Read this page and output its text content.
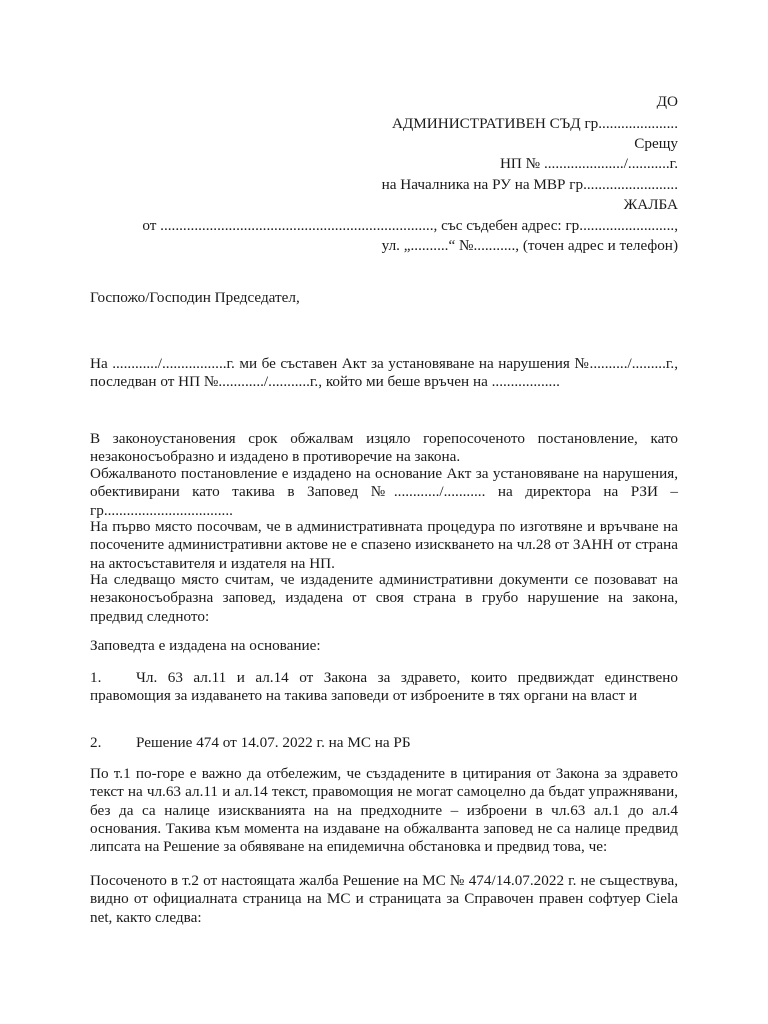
ДО
АДМИНИСТРАТИВЕН СЪД гр.....................
Срещу
НП № ...................../...........г.
на Началника на РУ на МВР гр.........................
ЖАЛБА
от ........................................................................, със съдебен адрес: гр.........................,
ул. „..........“ №..........., (точен адрес и телефон)
Госпожо/Господин Председател,
На ............/.................г. ми бе съставен Акт за установяване на нарушения №........../.........г., последван от НП №............/...........г., който ми беше връчен на ..................
В законоустановения срок обжалвам изцяло горепосоченото постановление, като незаконосъобразно и издадено в противоречие на закона.
Обжалваното постановление е издадено на основание Акт за установяване на нарушения, обективирани като такива в Заповед №............/........... на директора на РЗИ – гр..................................
На първо място посочвам, че в административната процедура по изготвяне и връчване на посочените административни актове не е спазено изискването на чл.28 от ЗАНН от страна на актосъставителя и издателя на НП.
На следващо място считам, че издадените административни документи се позовават на незаконосъобразна заповед, издадена от своя страна в грубо нарушение на закона, предвид следното:
Заповедта е издадена на основание:
1. Чл. 63 ал.11 и ал.14 от Закона за здравето, които предвиждат единствено правомощия за издаването на такива заповеди от изброените в тях органи на власт и
2. Решение 474 от 14.07. 2022 г. на МС на РБ
По т.1 по-горе е важно да отбележим, че създадените в цитирания от Закона за здравето текст на чл.63 ал.11 и ал.14 текст, правомощия не могат самоцелно да бъдат упражнявани, без да са налице изискванията на на предходните – изброени в чл.63 ал.1 до ал.4 основания. Такива към момента на издаване на обжалванта заповед не са налице предвид липсата на Решение за обявяване на епидемична обстановка и предвид това, че:
Посоченото в т.2 от настоящата жалба Решение на МС № 474/14.07.2022 г. не съществува, видно от официалната страница на МС и страницата за Справочен правен софтуер Ciela net, както следва:
